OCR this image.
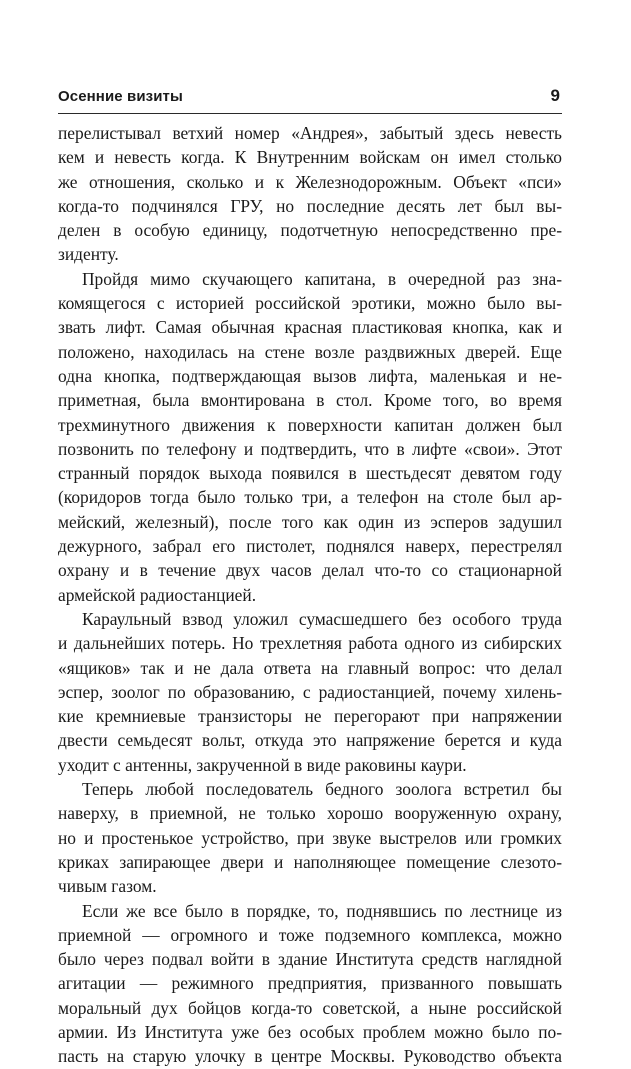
Осенние визиты	9
перелистывал ветхий номер «Андрея», забытый здесь невесть
кем и невесть когда. К Внутренним войскам он имел столько
же отношения, сколько и к Железнодорожным. Объект «пси»
когда-то подчинялся ГРУ, но последние десять лет был вы-
делен в особую единицу, подотчетную непосредственно пре-
зиденту.
Пройдя мимо скучающего капитана, в очередной раз зна-
комящегося с историей российской эротики, можно было вы-
звать лифт. Самая обычная красная пластиковая кнопка, как и
положено, находилась на стене возле раздвижных дверей. Еще
одна кнопка, подтверждающая вызов лифта, маленькая и не-
приметная, была вмонтирована в стол. Кроме того, во время
трехминутного движения к поверхности капитан должен был
позвонить по телефону и подтвердить, что в лифте «свои». Этот
странный порядок выхода появился в шестьдесят девятом году
(коридоров тогда было только три, а телефон на столе был ар-
мейский, железный), после того как один из эсперов задушил
дежурного, забрал его пистолет, поднялся наверх, перестрелял
охрану и в течение двух часов делал что-то со стационарной
армейской радиостанцией.
Караульный взвод уложил сумасшедшего без особого труда
и дальнейших потерь. Но трехлетняя работа одного из сибирских
«ящиков» так и не дала ответа на главный вопрос: что делал
эспер, зоолог по образованию, с радиостанцией, почему хилень-
кие кремниевые транзисторы не перегорают при напряжении
двести семьдесят вольт, откуда это напряжение берется и куда
уходит с антенны, закрученной в виде раковины каури.
Теперь любой последователь бедного зоолога встретил бы
наверху, в приемной, не только хорошо вооруженную охрану,
но и простенькое устройство, при звуке выстрелов или громких
криках запирающее двери и наполняющее помещение слезото-
чивым газом.
Если же все было в порядке, то, поднявшись по лестнице из
приемной — огромного и тоже подземного комплекса, можно
было через подвал войти в здание Института средств наглядной
агитации — режимного предприятия, призванного повышать
моральный дух бойцов когда-то советской, а ныне российской
армии. Из Института уже без особых проблем можно было по-
пасть на старую улочку в центре Москвы. Руководство объекта
